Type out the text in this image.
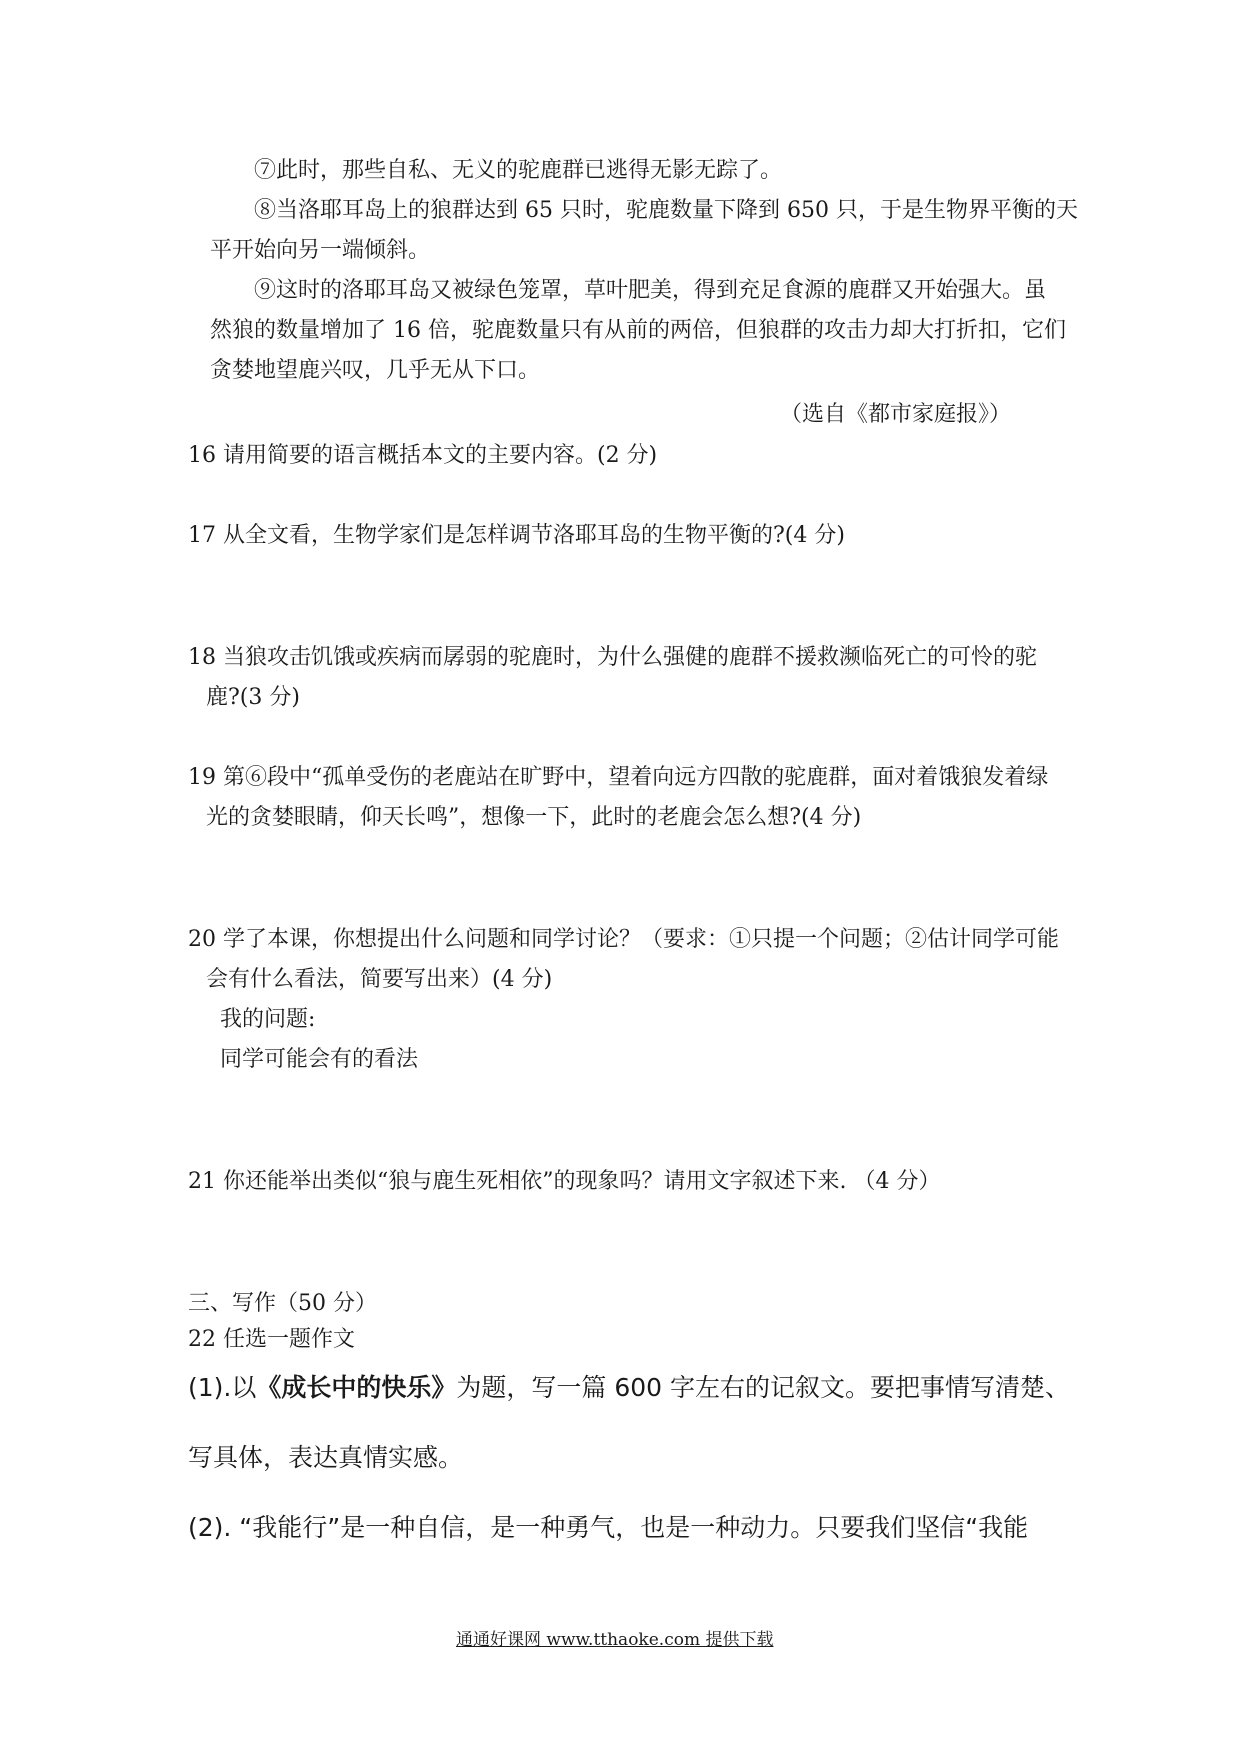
⑦此时，那些自私、无义的驼鹿群已逃得无影无踪了。
⑧当洛耶耳岛上的狼群达到 65 只时，驼鹿数量下降到 650 只，于是生物界平衡的天
平开始向另一端倾斜。
⑨这时的洛耶耳岛又被绿色笼罩，草叶肥美，得到充足食源的鹿群又开始强大。虽
然狼的数量增加了 16 倍，驼鹿数量只有从前的两倍，但狼群的攻击力却大打折扣，它们
贪婪地望鹿兴叹，几乎无从下口。
（选自《都市家庭报》）
16 请用简要的语言概括本文的主要内容。(2 分)
17 从全文看，生物学家们是怎样调节洛耶耳岛的生物平衡的?(4 分)
18 当狼攻击饥饿或疾病而孱弱的驼鹿时，为什么强健的鹿群不援救濒临死亡的可怜的驼
鹿?(3 分)
19 第⑥段中“孤单受伤的老鹿站在旷野中，望着向远方四散的驼鹿群，面对着饿狼发着绿
光的贪婪眼睛，仰天长鸣”，想像一下，此时的老鹿会怎么想?(4 分)
20 学了本课，你想提出什么问题和同学讨论？（要求：①只提一个问题；②估计同学可能
会有什么看法，简要写出来）(4 分)
我的问题:
同学可能会有的看法
21 你还能举出类似“狼与鹿生死相依”的现象吗？请用文字叙述下来. （4 分）
三、写作（50 分）
22 任选一题作文
(1).以《成长中的快乐》为题，写一篇 600 字左右的记叙文。要把事情写清楚、
写具体，表达真情实感。
(2). “我能行”是一种自信，是一种勇气，也是一种动力。只要我们坚信“我能
通通好课网 www.tthaoke.com 提供下载
